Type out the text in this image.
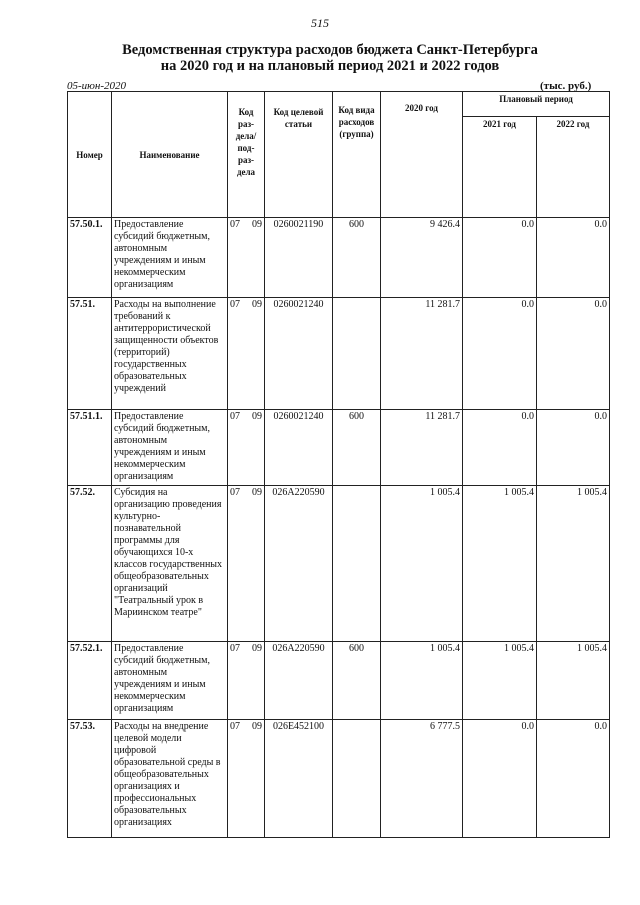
515
Ведомственная структура расходов бюджета Санкт-Петербурга
на 2020 год и на плановый период 2021 и 2022 годов
05-июн-2020	(тыс. руб.)
Номер	Наименование	Код раз-дела/ под-раз-дела		Код целевой статьи	Код вида расходов (группа)	2020 год	Плановый период	
							2021 год	2022 год
57.50.1.	Предоставление субсидий бюджетным, автономным учреждениям и иным некоммерческим организациям	07	09	0260021190	600	9 426.4	0.0	0.0
57.51.	Расходы на выполнение требований к антитеррористической защищенности объектов (территорий) государственных образовательных учреждений	07	09	0260021240		11 281.7	0.0	0.0
57.51.1.	Предоставление субсидий бюджетным, автономным учреждениям и иным некоммерческим организациям	07	09	0260021240	600	11 281.7	0.0	0.0
57.52.	Субсидия на организацию проведения культурно-познавательной программы для обучающихся 10-х классов государственных общеобразовательных организаций "Театральный урок в Мариинском театре"	07	09	026A220590		1 005.4	1 005.4	1 005.4
57.52.1.	Предоставление субсидий бюджетным, автономным учреждениям и иным некоммерческим организациям	07	09	026A220590	600	1 005.4	1 005.4	1 005.4
57.53.	Расходы на внедрение целевой модели цифровой образовательной среды в общеобразовательных организациях и профессиональных образовательных организациях	07	09	026E452100		6 777.5	0.0	0.0
